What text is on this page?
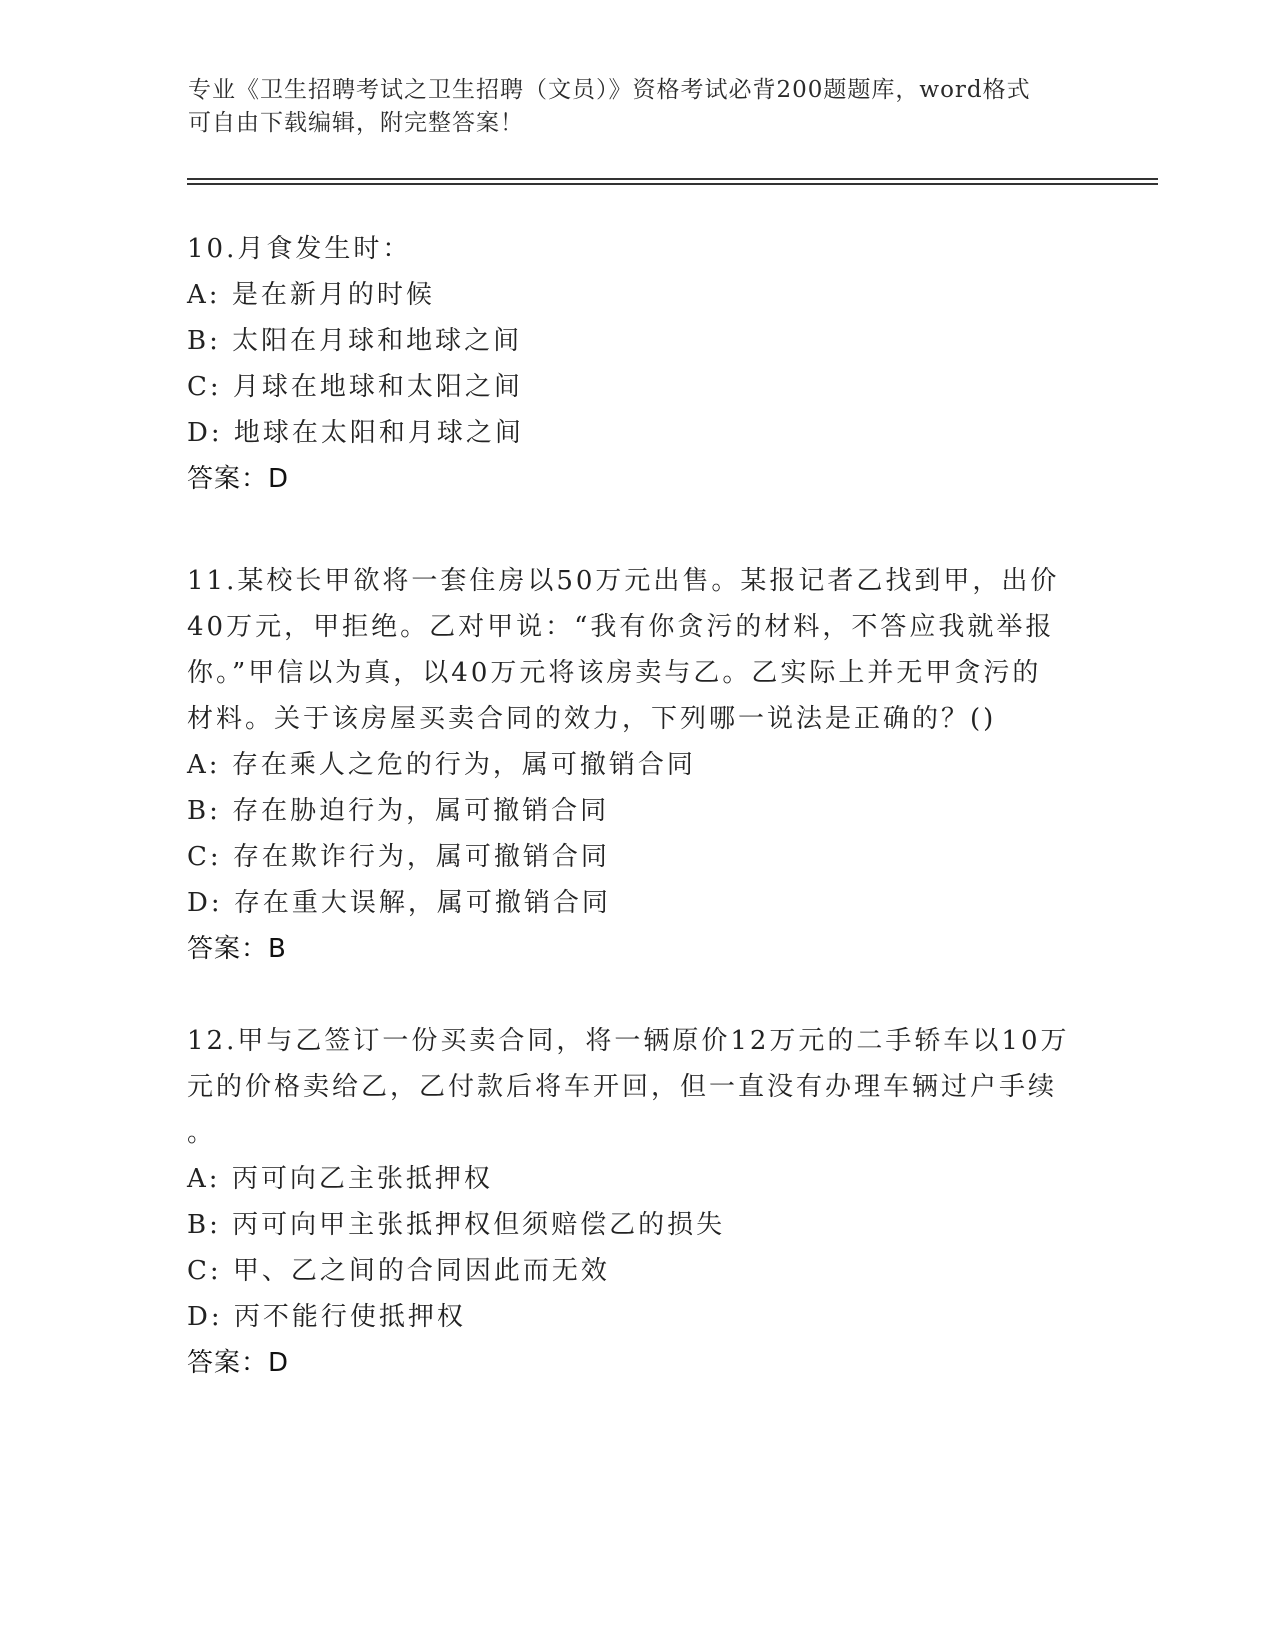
专业《卫生招聘考试之卫生招聘（文员）》资格考试必背200题题库，word格式
可自由下载编辑，附完整答案！
10.月食发生时：
A: 是在新月的时候
B: 太阳在月球和地球之间
C: 月球在地球和太阳之间
D: 地球在太阳和月球之间
答案：D
11.某校长甲欲将一套住房以50万元出售。某报记者乙找到甲，出价
40万元，甲拒绝。乙对甲说：“我有你贪污的材料，不答应我就举报
你。”甲信以为真，以40万元将该房卖与乙。乙实际上并无甲贪污的
材料。关于该房屋买卖合同的效力，下列哪一说法是正确的？()
A: 存在乘人之危的行为，属可撤销合同
B: 存在胁迫行为，属可撤销合同
C: 存在欺诈行为，属可撤销合同
D: 存在重大误解，属可撤销合同
答案：B
12.甲与乙签订一份买卖合同，将一辆原价12万元的二手轿车以10万
元的价格卖给乙，乙付款后将车开回，但一直没有办理车辆过户手续
。
A: 丙可向乙主张抵押权
B: 丙可向甲主张抵押权但须赔偿乙的损失
C: 甲、乙之间的合同因此而无效
D: 丙不能行使抵押权
答案：D
